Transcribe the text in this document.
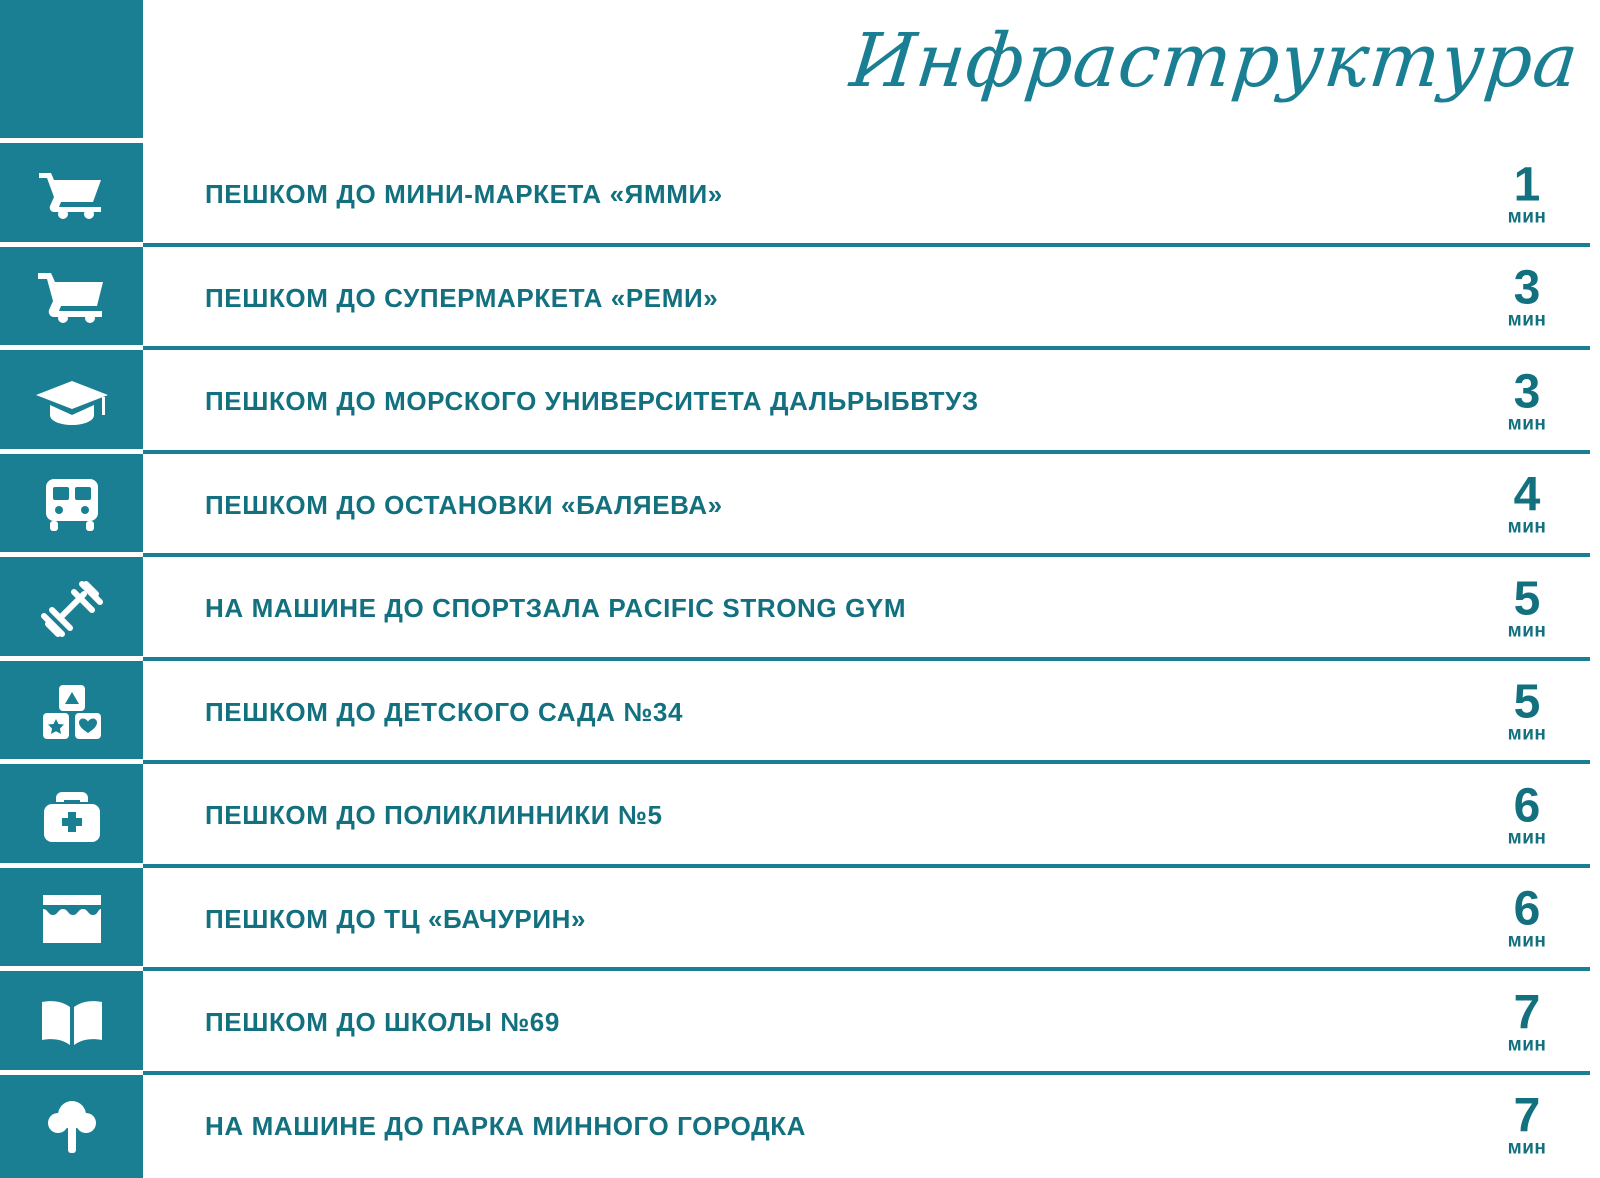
Инфраструктура
ПЕШКОМ ДО МИНИ-МАРКЕТА «ЯММИ»	1
мин
ПЕШКОМ ДО СУПЕРМАРКЕТА «РЕМИ»	3
мин
ПЕШКОМ ДО МОРСКОГО УНИВЕРСИТЕТА ДАЛЬРЫБВТУЗ	3
мин
ПЕШКОМ ДО ОСТАНОВКИ «БАЛЯЕВА»	4
мин
НА МАШИНЕ ДО СПОРТЗАЛА PACIFIC STRONG GYM	5
мин
ПЕШКОМ ДО ДЕТСКОГО САДА №34	5
мин
ПЕШКОМ ДО ПОЛИКЛИННИКИ №5	6
мин
ПЕШКОМ ДО ТЦ «БАЧУРИН»	6
мин
ПЕШКОМ ДО ШКОЛЫ №69	7
мин
НА МАШИНЕ ДО ПАРКА МИННОГО ГОРОДКА	7
мин
